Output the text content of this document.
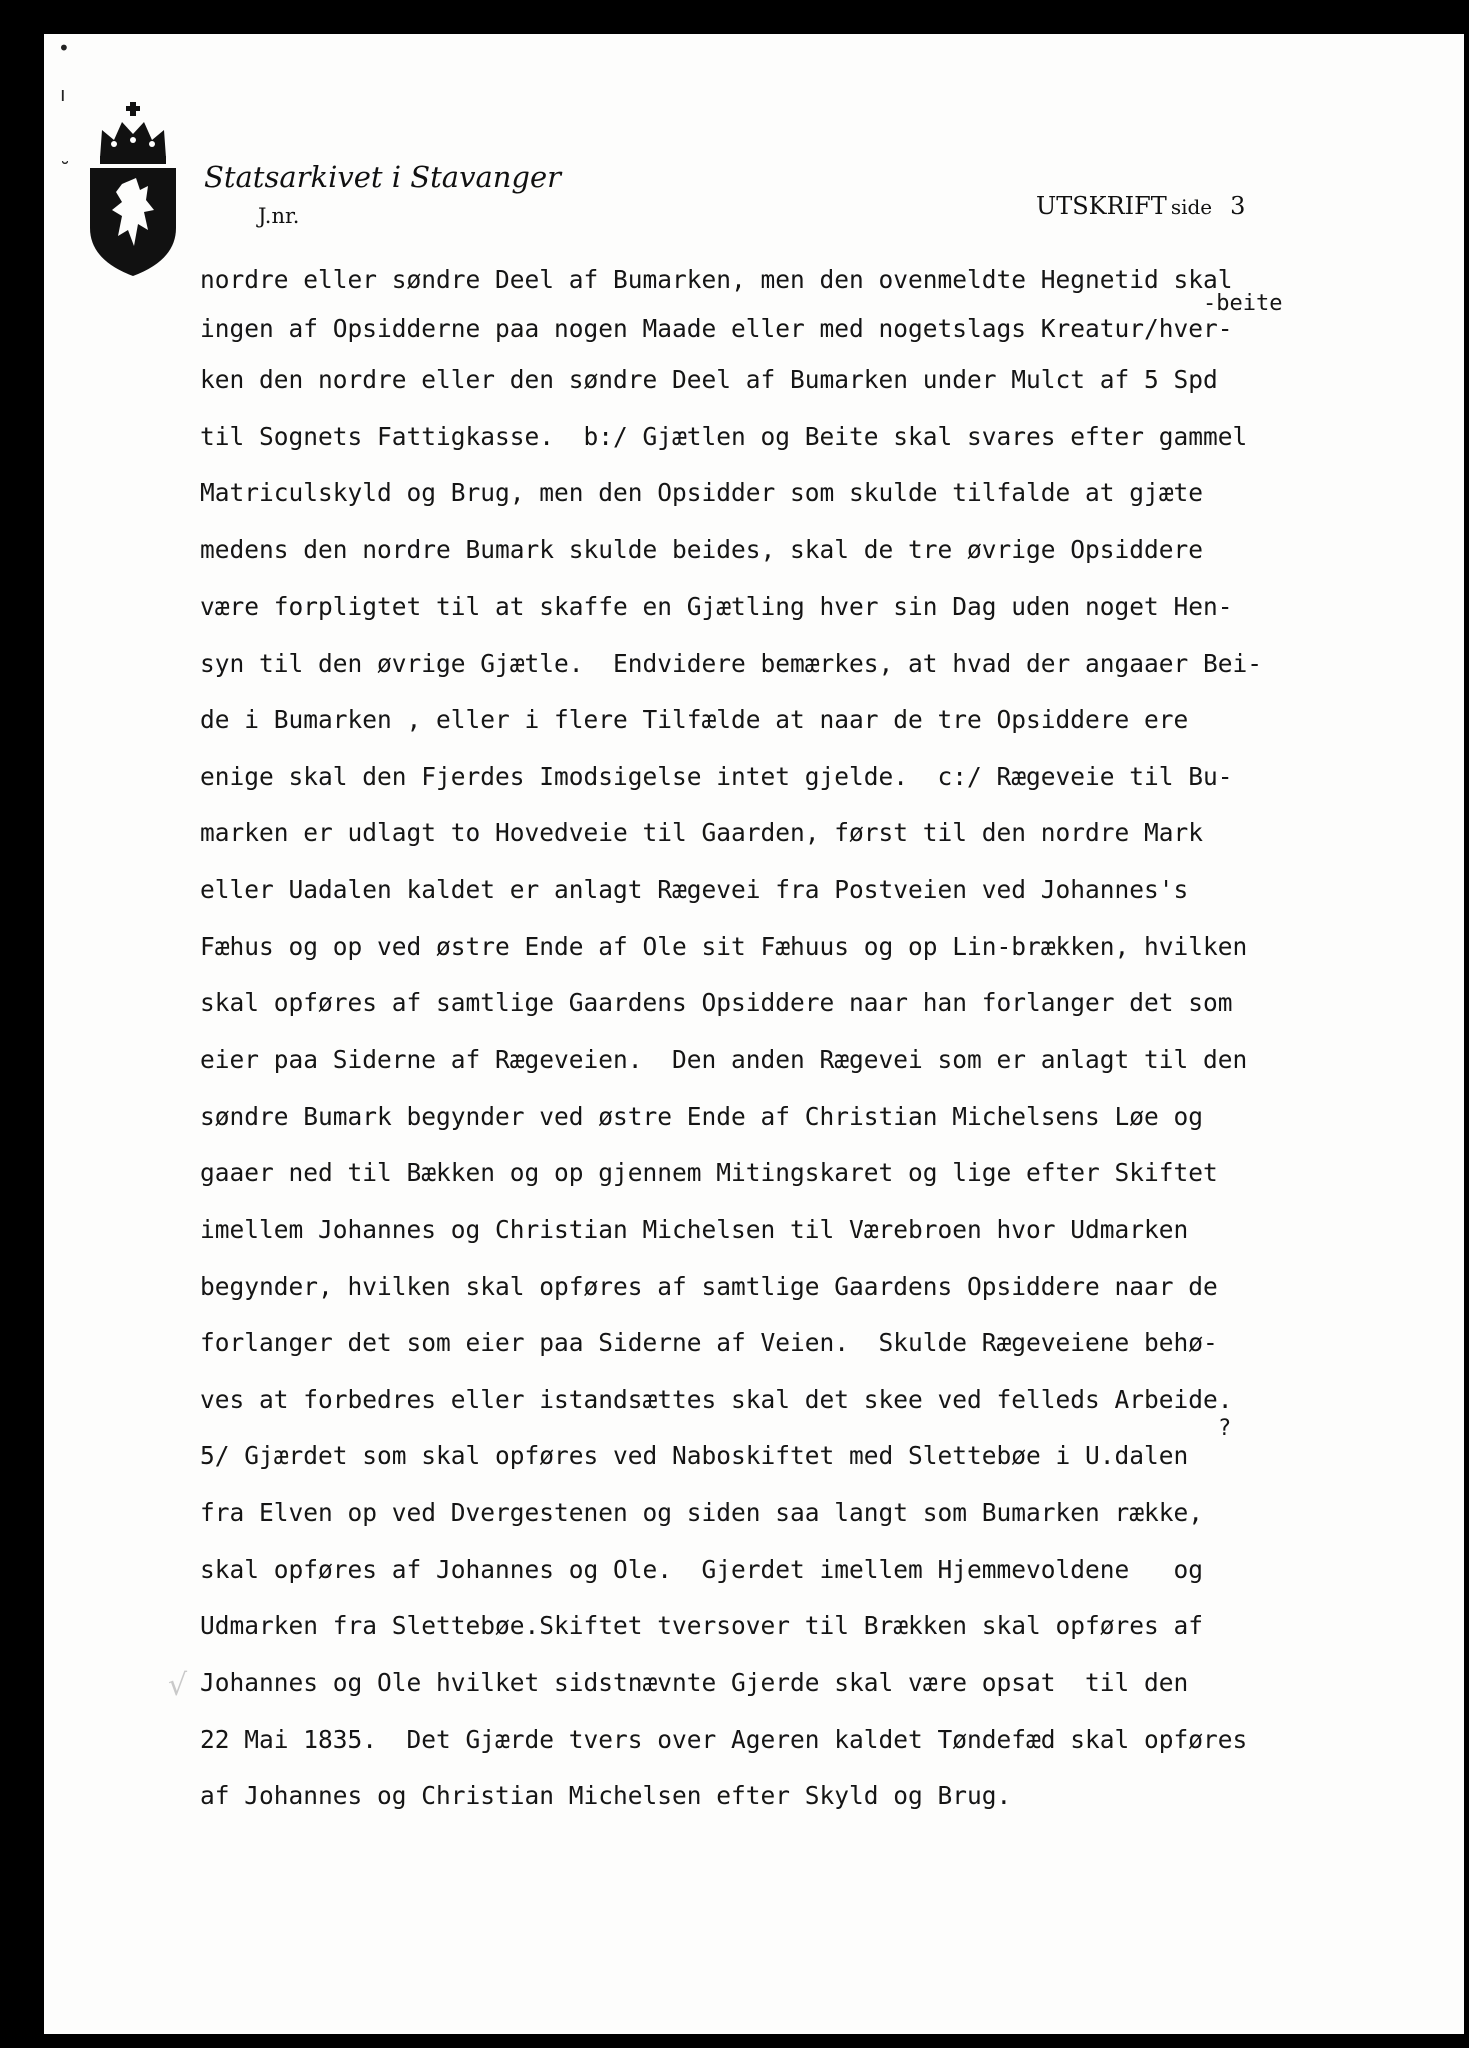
•
ı
˘	Statsarkivet i Stavanger
J.nr.	UTSKRIFT side 3
-beite
?
√
nordre eller søndre Deel af Bumarken, men den ovenmeldte Hegnetid skal
ingen af Opsidderne paa nogen Maade eller med nogetslags Kreatur/hver-
ken den nordre eller den søndre Deel af Bumarken under Mulct af 5 Spd
til Sognets Fattigkasse.  b:/ Gjætlen og Beite skal svares efter gammel
Matriculskyld og Brug, men den Opsidder som skulde tilfalde at gjæte
medens den nordre Bumark skulde beides, skal de tre øvrige Opsiddere
være forpligtet til at skaffe en Gjætling hver sin Dag uden noget Hen-
syn til den øvrige Gjætle.  Endvidere bemærkes, at hvad der angaaer Bei-
de i Bumarken , eller i flere Tilfælde at naar de tre Opsiddere ere
enige skal den Fjerdes Imodsigelse intet gjelde.  c:/ Rægeveie til Bu-
marken er udlagt to Hovedveie til Gaarden, først til den nordre Mark
eller Uadalen kaldet er anlagt Rægevei fra Postveien ved Johannes's
Fæhus og op ved østre Ende af Ole sit Fæhuus og op Lin-brækken, hvilken
skal opføres af samtlige Gaardens Opsiddere naar han forlanger det som
eier paa Siderne af Rægeveien.  Den anden Rægevei som er anlagt til den
søndre Bumark begynder ved østre Ende af Christian Michelsens Løe og
gaaer ned til Bækken og op gjennem Mitingskaret og lige efter Skiftet
imellem Johannes og Christian Michelsen til Værebroen hvor Udmarken
begynder, hvilken skal opføres af samtlige Gaardens Opsiddere naar de
forlanger det som eier paa Siderne af Veien.  Skulde Rægeveiene behø-
ves at forbedres eller istandsættes skal det skee ved felleds Arbeide.
5/ Gjærdet som skal opføres ved Naboskiftet med Slettebøe i U.dalen
fra Elven op ved Dvergestenen og siden saa langt som Bumarken række,
skal opføres af Johannes og Ole.  Gjerdet imellem Hjemmevoldene   og
Udmarken fra Slettebøe.Skiftet tversover til Brækken skal opføres af
Johannes og Ole hvilket sidstnævnte Gjerde skal være opsat  til den
22 Mai 1835.  Det Gjærde tvers over Ageren kaldet Tøndefæd skal opføres
af Johannes og Christian Michelsen efter Skyld og Brug.
